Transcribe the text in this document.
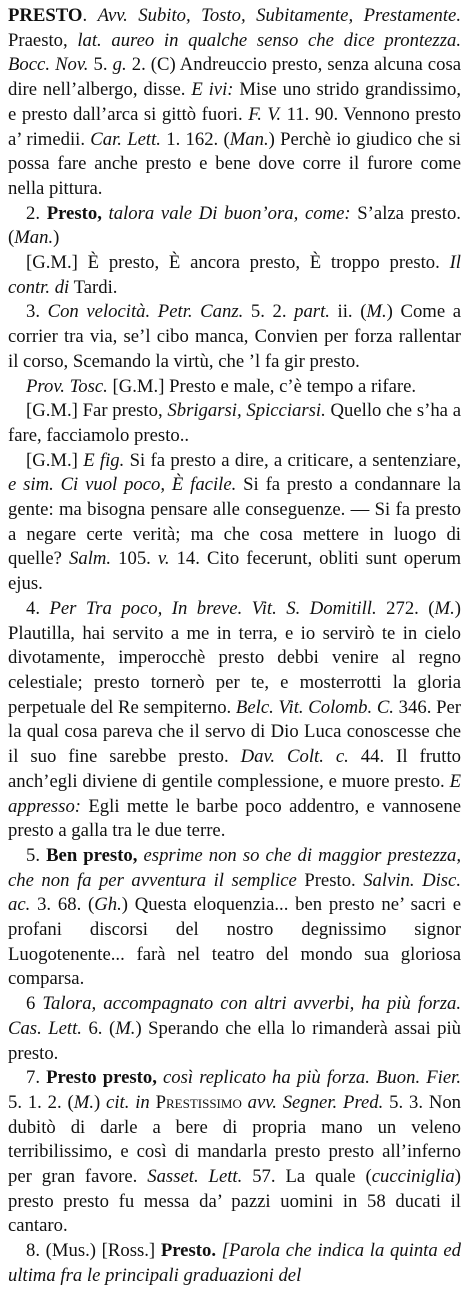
PRESTO. Avv. Subito, Tosto, Subitamente, Prestamente. Praesto, lat. aureo in qualche senso che dice prontezza. Bocc. Nov. 5. g. 2. (C) Andreuccio presto, senza alcuna cosa dire nell’albergo, disse. E ivi: Mise uno strido grandissimo, e presto dall’arca si gittò fuori. F. V. 11. 90. Vennono presto a’ rimedii. Car. Lett. 1. 162. (Man.) Perchè io giudico che si possa fare anche presto e bene dove corre il furore come nella pittura.

2. Presto, talora vale Di buon’ora, come: S’alza presto. (Man.)

[G.M.] È presto, È ancora presto, È troppo presto. Il contr. di Tardi.

3. Con velocità. Petr. Canz. 5. 2. part. ii. (M.) Come a corrier tra via, se’l cibo manca, Convien per forza rallentar il corso, Scemando la virtù, che ’l fa gir presto.

Prov. Tosc. [G.M.] Presto e male, c’è tempo a rifare.

[G.M.] Far presto, Sbrigarsi, Spicciarsi. Quello che s’ha a fare, facciamolo presto..

[G.M.] E fig. Si fa presto a dire, a criticare, a sentenziare, e sim. Ci vuol poco, È facile. Si fa presto a condannare la gente: ma bisogna pensare alle conseguenze. — Si fa presto a negare certe verità; ma che cosa mettere in luogo di quelle? Salm. 105. v. 14. Cito fecerunt, obliti sunt operum ejus.

4. Per Tra poco, In breve. Vit. S. Domitill. 272. (M.) Plautilla, hai servito a me in terra, e io servirò te in cielo divotamente, imperocchè presto debbi venire al regno celestiale; presto tornerò per te, e mosterrotti la gloria perpetuale del Re sempiterno. Belc. Vit. Colomb. C. 346. Per la qual cosa pareva che il servo di Dio Luca conoscesse che il suo fine sarebbe presto. Dav. Colt. c. 44. Il frutto anch’egli diviene di gentile complessione, e muore presto. E appresso: Egli mette le barbe poco addentro, e vannosene presto a galla tra le due terre.

5. Ben presto, esprime non so che di maggior prestezza, che non fa per avventura il semplice Presto. Salvin. Disc. ac. 3. 68. (Gh.) Questa eloquenzia... ben presto ne’ sacri e profani discorsi del nostro degnissimo signor Luogotenente... farà nel teatro del mondo sua gloriosa comparsa.

6 Talora, accompagnato con altri avverbi, ha più forza. Cas. Lett. 6. (M.) Sperando che ella lo rimanderà assai più presto.

7. Presto presto, così replicato ha più forza. Buon. Fier. 5. 1. 2. (M.) cit. in Prestissimo avv. Segner. Pred. 5. 3. Non dubitò di darle a bere di propria mano un veleno terribilissimo, e così di mandarla presto presto all’inferno per gran favore. Sasset. Lett. 57. La quale (cucciniglia) presto presto fu messa da’ pazzi uomini in 58 ducati il cantaro.

8. (Mus.) [Ross.] Presto. [Parola che indica la quinta ed ultima fra le principali graduazioni del
